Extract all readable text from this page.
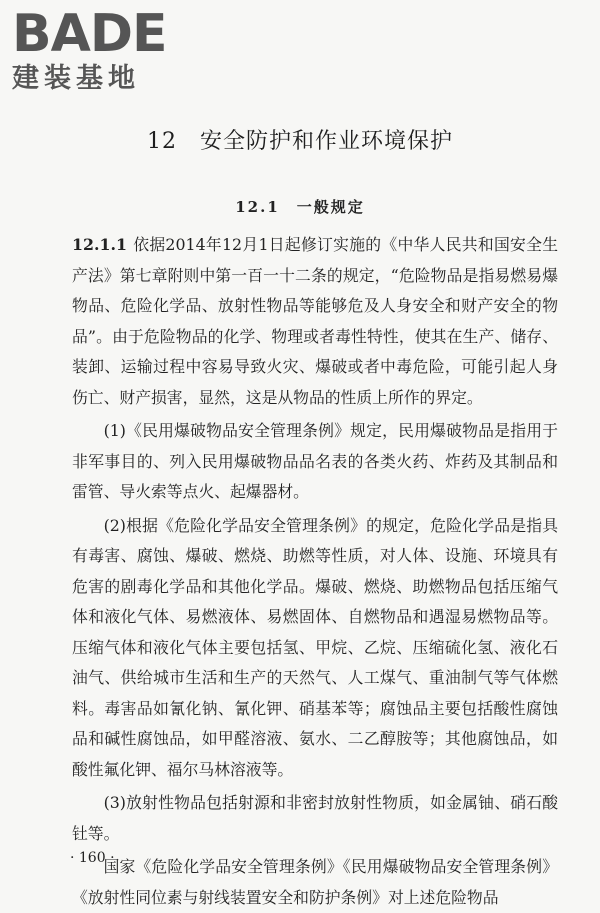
BADE
建装基地
12　安全防护和作业环境保护
12.1　一般规定

12.1.1 依据2014年12月1日起修订实施的《中华人民共和国安全生产法》第七章附则中第一百一十二条的规定，“危险物品是指易燃易爆物品、危险化学品、放射性物品等能够危及人身安全和财产安全的物品”。由于危险物品的化学、物理或者毒性特性，使其在生产、储存、装卸、运输过程中容易导致火灾、爆破或者中毒危险，可能引起人身伤亡、财产损害，显然，这是从物品的性质上所作的界定。

(1)《民用爆破物品安全管理条例》规定，民用爆破物品是指用于非军事目的、列入民用爆破物品品名表的各类火药、炸药及其制品和雷管、导火索等点火、起爆器材。

(2)根据《危险化学品安全管理条例》的规定，危险化学品是指具有毒害、腐蚀、爆破、燃烧、助燃等性质，对人体、设施、环境具有危害的剧毒化学品和其他化学品。爆破、燃烧、助燃物品包括压缩气体和液化气体、易燃液体、易燃固体、自燃物品和遇湿易燃物品等。压缩气体和液化气体主要包括氢、甲烷、乙烷、压缩硫化氢、液化石油气、供给城市生活和生产的天然气、人工煤气、重油制气等气体燃料。毒害品如氰化钠、氰化钾、硝基苯等；腐蚀品主要包括酸性腐蚀品和碱性腐蚀品，如甲醛溶液、氨水、二乙醇胺等；其他腐蚀品，如酸性氟化钾、福尔马林溶液等。

(3)放射性物品包括射源和非密封放射性物质，如金属铀、硝石酸钍等。

国家《危险化学品安全管理条例》《民用爆破物品安全管理条例》《放射性同位素与射线装置安全和防护条例》对上述危险物品

· 160 ·
